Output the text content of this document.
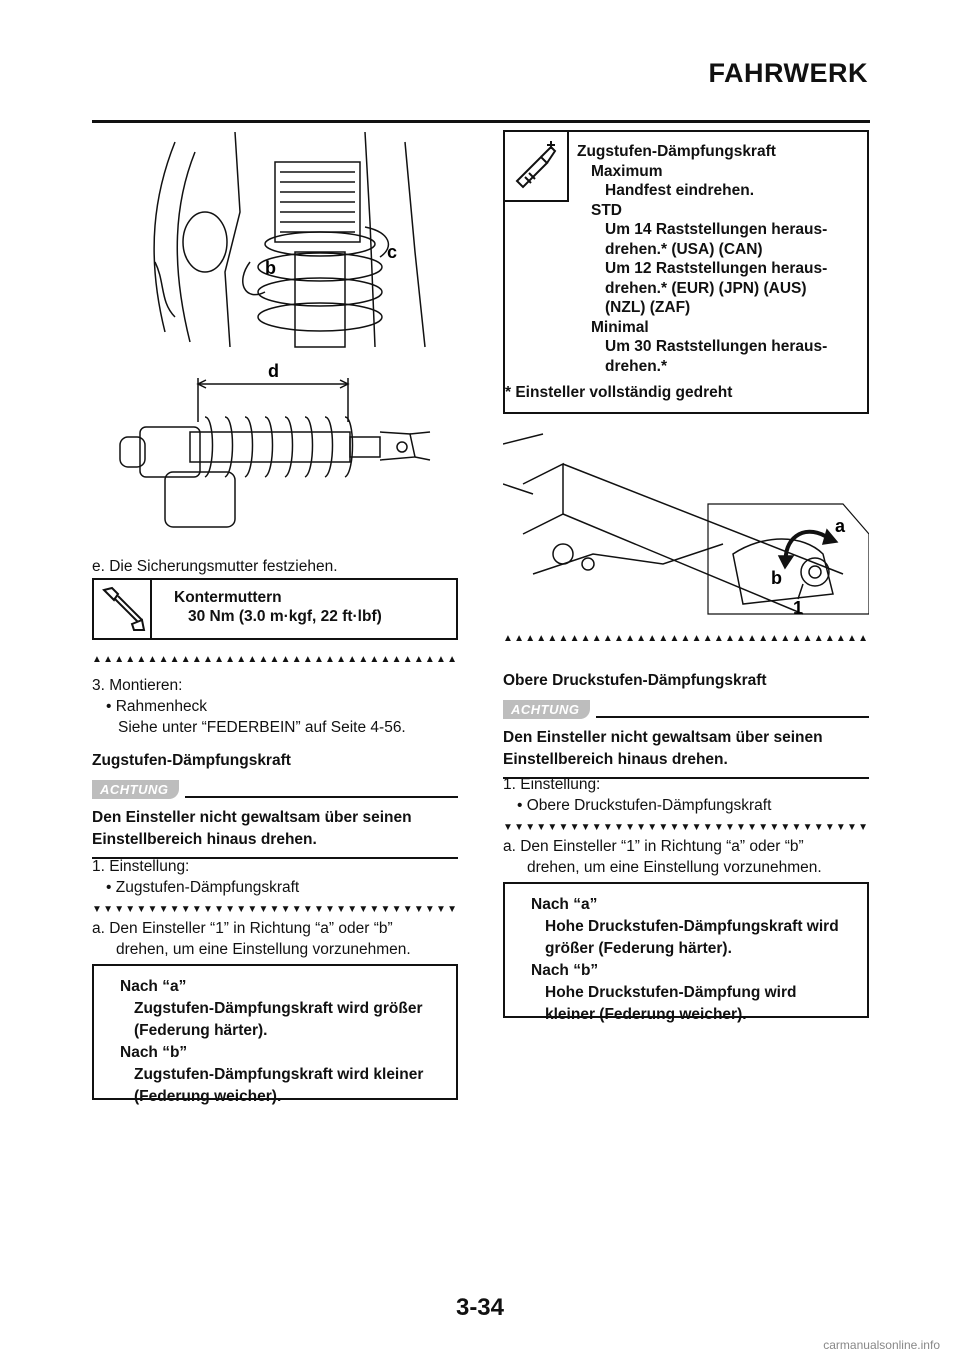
FAHRWERK
b
c
d
e. Die Sicherungsmutter festziehen.
Kontermuttern
30 Nm (3.0 m·kgf, 22 ft·lbf)
▲▲▲▲▲▲▲▲▲▲▲▲▲▲▲▲▲▲▲▲▲▲▲▲▲▲▲▲▲▲▲▲▲
3. Montieren:
• Rahmenheck
Siehe unter “FEDERBEIN” auf Seite 4-56.
Zugstufen-Dämpfungskraft
ACHTUNG
Den Einsteller nicht gewaltsam über seinen
Einstellbereich hinaus drehen.
1. Einstellung:
• Zugstufen-Dämpfungskraft
▼▼▼▼▼▼▼▼▼▼▼▼▼▼▼▼▼▼▼▼▼▼▼▼▼▼▼▼▼▼▼▼▼
a. Den Einsteller “1” in Richtung “a” oder “b”
drehen, um eine Einstellung vorzunehmen.
Nach “a”
Zugstufen-Dämpfungskraft wird größer
(Federung härter).
Nach “b”
Zugstufen-Dämpfungskraft wird kleiner
(Federung weicher).
Zugstufen-Dämpfungskraft
Maximum
Handfest eindrehen.
STD
Um 14 Raststellungen heraus-
drehen.* (USA) (CAN)
Um 12 Raststellungen heraus-
drehen.* (EUR) (JPN) (AUS)
(NZL) (ZAF)
Minimal
Um 30 Raststellungen heraus-
drehen.*
* Einsteller vollständig gedreht
a
b
1
▲▲▲▲▲▲▲▲▲▲▲▲▲▲▲▲▲▲▲▲▲▲▲▲▲▲▲▲▲▲▲▲▲
Obere Druckstufen-Dämpfungskraft
ACHTUNG
Den Einsteller nicht gewaltsam über seinen
Einstellbereich hinaus drehen.
1. Einstellung:
• Obere Druckstufen-Dämpfungskraft
▼▼▼▼▼▼▼▼▼▼▼▼▼▼▼▼▼▼▼▼▼▼▼▼▼▼▼▼▼▼▼▼▼
a. Den Einsteller “1” in Richtung “a” oder “b”
drehen, um eine Einstellung vorzunehmen.
Nach “a”
Hohe Druckstufen-Dämpfungskraft wird
größer (Federung härter).
Nach “b”
Hohe Druckstufen-Dämpfung wird
kleiner (Federung weicher).
3-34
carmanualsonline.info
